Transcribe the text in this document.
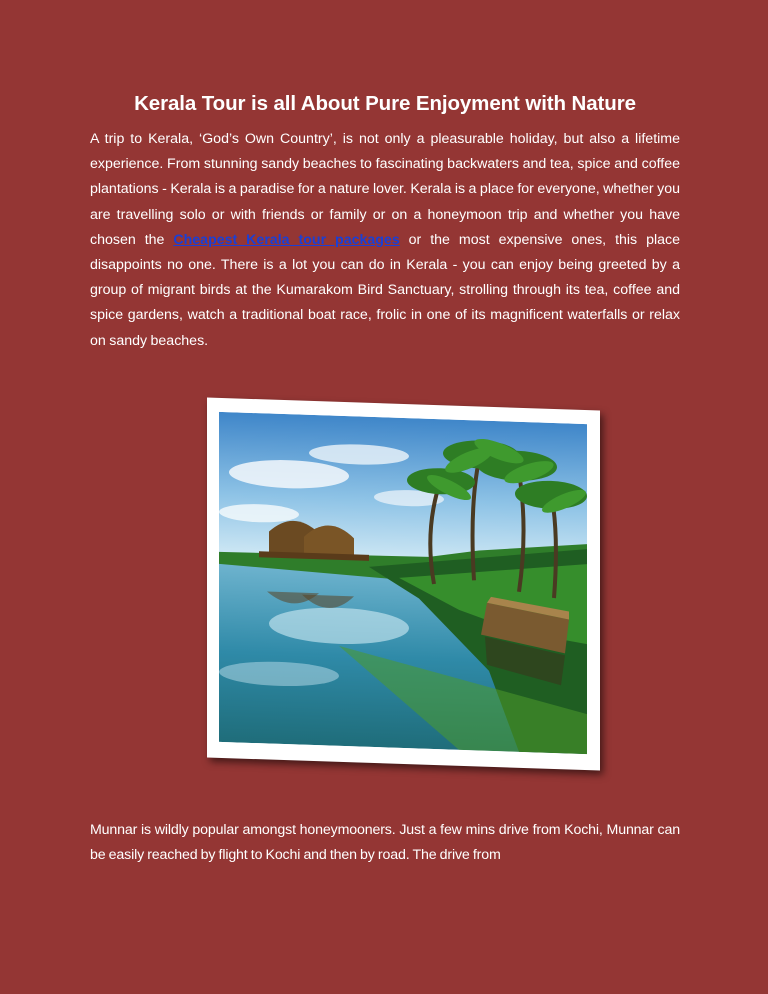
Kerala Tour is all About Pure Enjoyment with Nature

A trip to Kerala, ‘God’s Own Country’, is not only a pleasurable holiday, but also a lifetime experience. From stunning sandy beaches to fascinating backwaters and tea, spice and coffee plantations - Kerala is a paradise for a nature lover. Kerala is a place for everyone, whether you are travelling solo or with friends or family or on a honeymoon trip and whether you have chosen the Cheapest Kerala tour packages or the most expensive ones, this place disappoints no one. There is a lot you can do in Kerala - you can enjoy being greeted by a group of migrant birds at the Kumarakom Bird Sanctuary, strolling through its tea, coffee and spice gardens, watch a traditional boat race, frolic in one of its magnificent waterfalls or relax on sandy beaches.

Munnar is wildly popular amongst honeymooners. Just a few mins drive from Kochi, Munnar can be easily reached by flight to Kochi and then by road. The drive from
